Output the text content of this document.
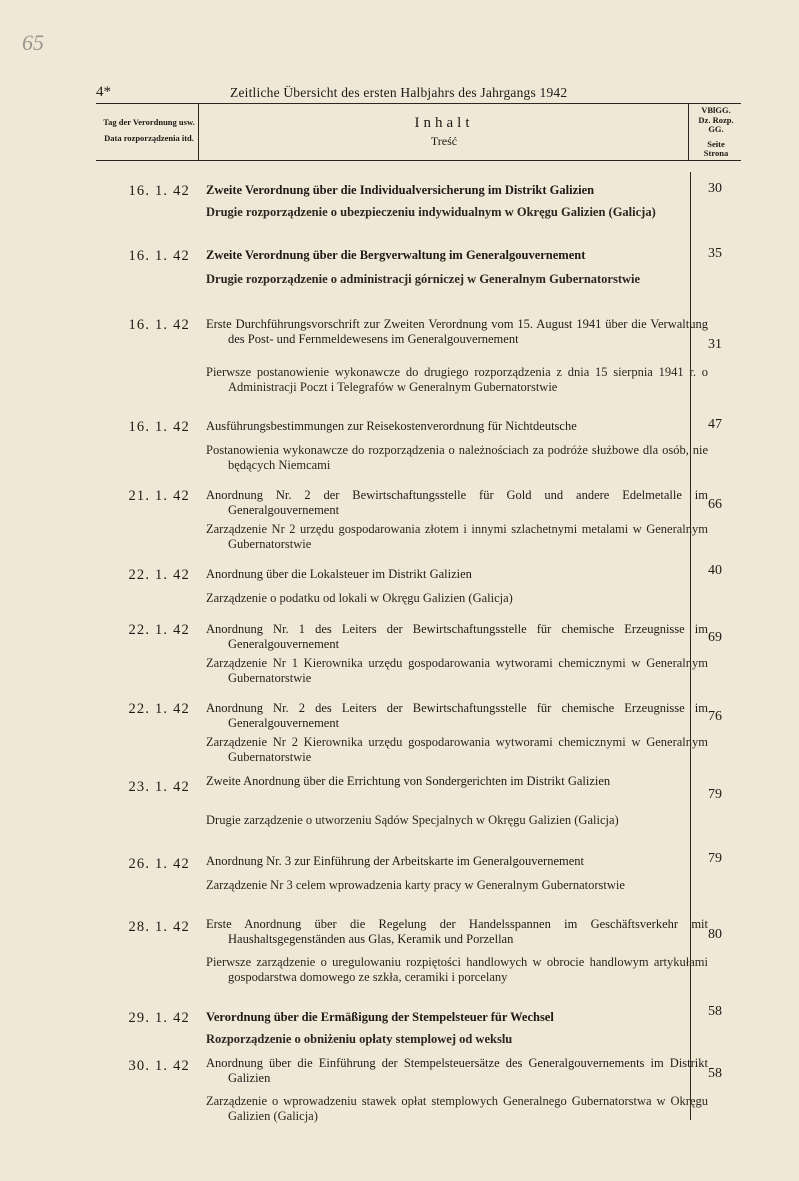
65
4*	Zeitliche Übersicht des ersten Halbjahrs des Jahrgangs 1942
Tag der Verordnung usw.
Data rozporządzenia itd.
Inhalt
Treść
VBlGG.
Dz. Rozp. GG.
Seite
Strona
16. 1. 42 Zweite Verordnung über die Individualversicherung im Distrikt Galizien
Drugie rozporządzenie o ubezpieczeniu indywidualnym w Okręgu Galizien (Galicja)
30
16. 1. 42 Zweite Verordnung über die Bergverwaltung im Generalgouvernement
Drugie rozporządzenie o administracji górniczej w Generalnym Gubernatorstwie
35
16. 1. 42 Erste Durchführungsvorschrift zur Zweiten Verordnung vom 15. August 1941 über die Verwaltung des Post- und Fernmeldewesens im Generalgouvernement
Pierwsze postanowienie wykonawcze do drugiego rozporządzenia z dnia 15 sierpnia 1941 r. o Administracji Poczt i Telegrafów w Generalnym Gubernatorstwie
31
16. 1. 42 Ausführungsbestimmungen zur Reisekostenverordnung für Nichtdeutsche
Postanowienia wykonawcze do rozporządzenia o należnościach za podróże służbowe dla osób, nie będących Niemcami
47
21. 1. 42 Anordnung Nr. 2 der Bewirtschaftungsstelle für Gold und andere Edelmetalle im Generalgouvernement
Zarządzenie Nr 2 urzędu gospodarowania złotem i innymi szlachetnymi metalami w Generalnym Gubernatorstwie
66
22. 1. 42 Anordnung über die Lokalsteuer im Distrikt Galizien
Zarządzenie o podatku od lokali w Okręgu Galizien (Galicja)
40
22. 1. 42 Anordnung Nr. 1 des Leiters der Bewirtschaftungsstelle für chemische Erzeugnisse im Generalgouvernement
Zarządzenie Nr 1 Kierownika urzędu gospodarowania wytworami chemicznymi w Generalnym Gubernatorstwie
69
22. 1. 42 Anordnung Nr. 2 des Leiters der Bewirtschaftungsstelle für chemische Erzeugnisse im Generalgouvernement
Zarządzenie Nr 2 Kierownika urzędu gospodarowania wytworami chemicznymi w Generalnym Gubernatorstwie
76
23. 1. 42 Zweite Anordnung über die Errichtung von Sondergerichten im Distrikt Galizien
Drugie zarządzenie o utworzeniu Sądów Specjalnych w Okręgu Galizien (Galicja)
79
26. 1. 42 Anordnung Nr. 3 zur Einführung der Arbeitskarte im Generalgouvernement
Zarządzenie Nr 3 celem wprowadzenia karty pracy w Generalnym Gubernatorstwie
79
28. 1. 42 Erste Anordnung über die Regelung der Handelsspannen im Geschäftsverkehr mit Haushaltsgegenständen aus Glas, Keramik und Porzellan
Pierwsze zarządzenie o uregulowaniu rozpiętości handlowych w obrocie handlowym artykułami gospodarstwa domowego ze szkła, ceramiki i porcelany
80
29. 1. 42 Verordnung über die Ermäßigung der Stempelsteuer für Wechsel
Rozporządzenie o obniżeniu opłaty stemplowej od wekslu
58
30. 1. 42 Anordnung über die Einführung der Stempelsteuersätze des Generalgouvernements im Distrikt Galizien
Zarządzenie o wprowadzeniu stawek opłat stemplowych Generalnego Gubernatorstwa w Okręgu Galizien (Galicja)
58
